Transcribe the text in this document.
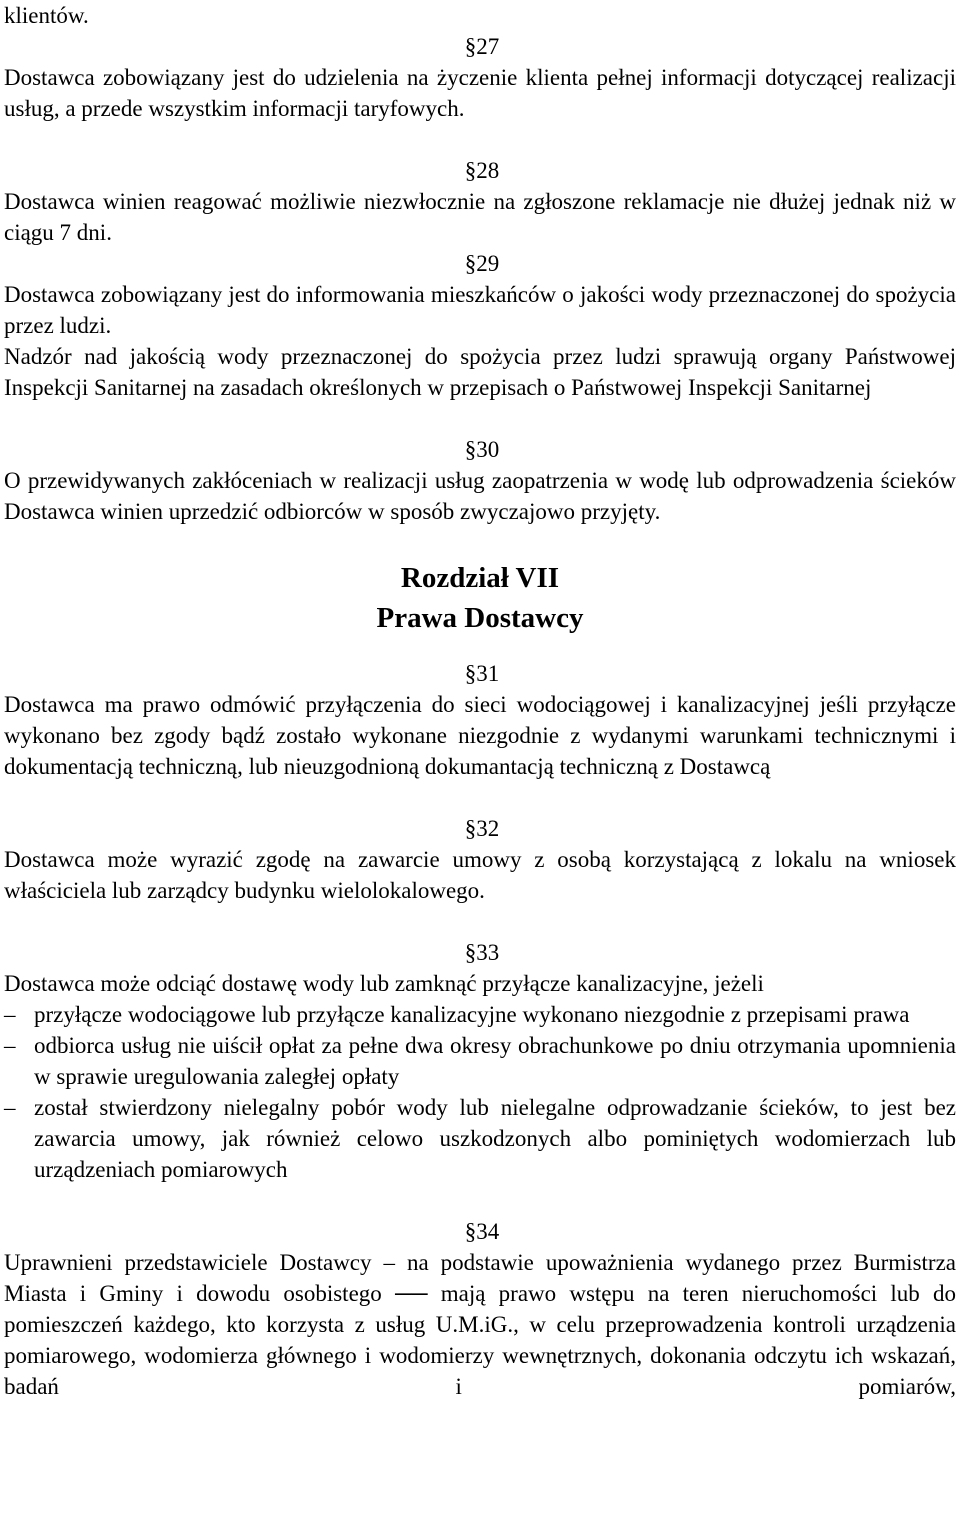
klientów.

§27

Dostawca zobowiązany jest do udzielenia na życzenie klienta pełnej informacji dotyczącej realizacji usług, a przede wszystkim informacji taryfowych.

§28

Dostawca winien reagować możliwie niezwłocznie na zgłoszone reklamacje nie dłużej jednak niż w ciągu 7 dni.

§29

Dostawca zobowiązany jest do informowania mieszkańców o jakości wody przeznaczonej do spożycia przez ludzi.

Nadzór nad jakością wody przeznaczonej do spożycia przez ludzi sprawują organy Państwowej Inspekcji Sanitarnej na zasadach określonych w przepisach o Państwowej Inspekcji Sanitarnej

§30

O przewidywanych zakłóceniach w realizacji usług zaopatrzenia w wodę lub odprowadzenia ścieków Dostawca winien uprzedzić odbiorców w sposób zwyczajowo przyjęty.

Rozdział VII

Prawa Dostawcy

§31

Dostawca ma prawo odmówić przyłączenia do sieci wodociągowej i kanalizacyjnej jeśli przyłącze wykonano bez zgody bądź zostało wykonane niezgodnie z wydanymi warunkami technicznymi i dokumentacją techniczną, lub nieuzgodnioną dokumantacją techniczną z Dostawcą

§32

Dostawca może wyrazić zgodę na zawarcie umowy z osobą korzystającą z lokalu na wniosek właściciela lub zarządcy budynku wielolokalowego.

§33

Dostawca może odciąć dostawę wody lub zamknąć przyłącze kanalizacyjne, jeżeli

– przyłącze wodociągowe lub przyłącze kanalizacyjne wykonano niezgodnie z przepisami prawa
– odbiorca usług nie uiścił opłat za pełne dwa okresy obrachunkowe po dniu otrzymania upomnienia w sprawie uregulowania zaległej opłaty
– został stwierdzony nielegalny pobór wody lub nielegalne odprowadzanie ścieków, to jest bez zawarcia umowy, jak również celowo uszkodzonych albo pominiętych wodomierzach lub urządzeniach pomiarowych

§34

Uprawnieni przedstawiciele Dostawcy – na podstawie upoważnienia wydanego przez Burmistrza Miasta i Gminy i dowodu osobistego ── mają prawo wstępu na teren nieruchomości lub do pomieszczeń każdego, kto korzysta z usług U.M.iG., w celu przeprowadzenia kontroli urządzenia pomiarowego, wodomierza głównego i wodomierzy wewnętrznych, dokonania odczytu ich wskazań, badań i pomiarów,
